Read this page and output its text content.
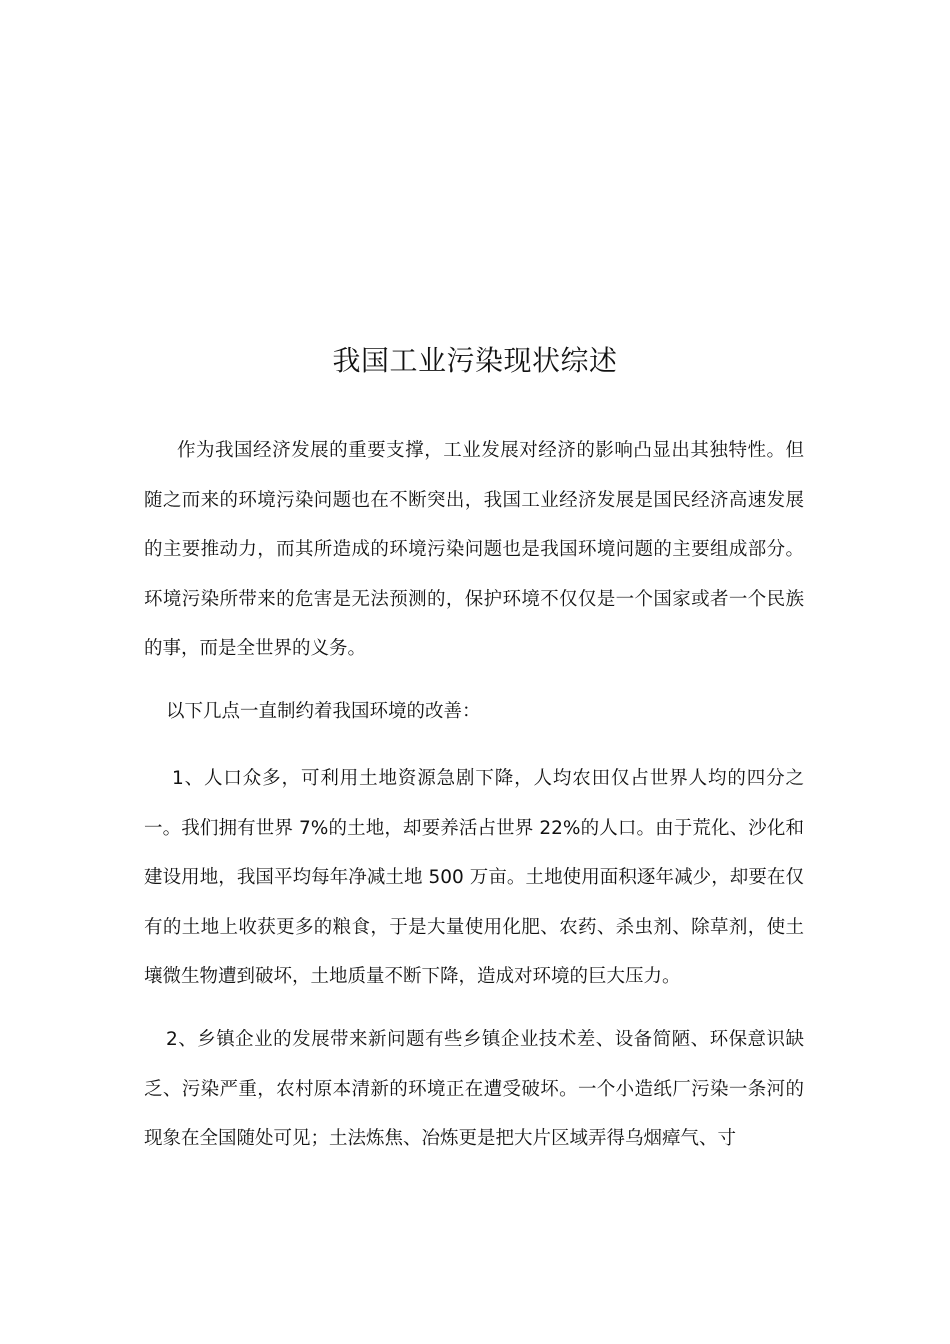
我国工业污染现状综述

作为我国经济发展的重要支撑，工业发展对经济的影响凸显出其独特性。但随之而来的环境污染问题也在不断突出，我国工业经济发展是国民经济高速发展的主要推动力，而其所造成的环境污染问题也是我国环境问题的主要组成部分。环境污染所带来的危害是无法预测的，保护环境不仅仅是一个国家或者一个民族的事，而是全世界的义务。

以下几点一直制约着我国环境的改善：

1、人口众多，可利用土地资源急剧下降，人均农田仅占世界人均的四分之一。我们拥有世界 7%的土地，却要养活占世界 22%的人口。由于荒化、沙化和建设用地，我国平均每年净减土地 500 万亩。土地使用面积逐年减少，却要在仅有的土地上收获更多的粮食，于是大量使用化肥、农药、杀虫剂、除草剂，使土壤微生物遭到破坏，土地质量不断下降，造成对环境的巨大压力。

2、乡镇企业的发展带来新问题有些乡镇企业技术差、设备简陋、环保意识缺乏、污染严重，农村原本清新的环境正在遭受破坏。一个小造纸厂污染一条河的现象在全国随处可见；土法炼焦、冶炼更是把大片区域弄得乌烟瘴气、寸
